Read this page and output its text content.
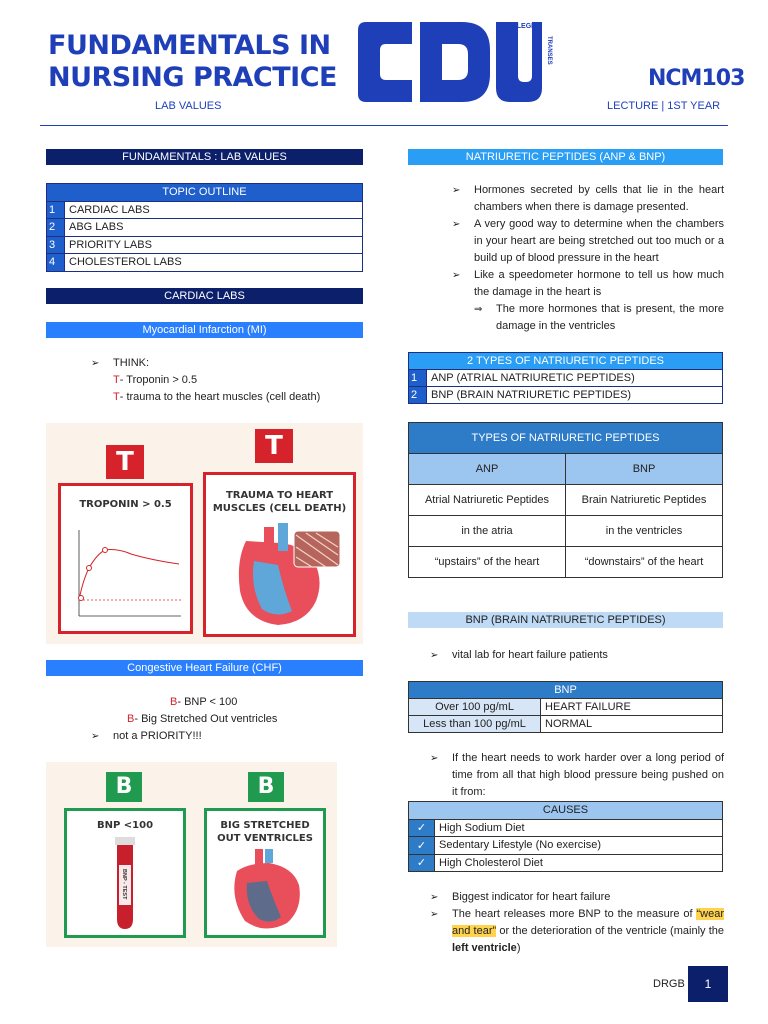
FUNDAMENTALS IN
NURSING PRACTICE
LAB VALUES
COLLEGE
TRANSES
NCM103
LECTURE | 1ST YEAR
FUNDAMENTALS : LAB VALUES
TOPIC OUTLINE	
1	CARDIAC LABS
2	ABG LABS
3	PRIORITY LABS
4	CHOLESTEROL LABS
CARDIAC LABS
Myocardial Infarction (MI)
➢	THINK:
T - Troponin > 0.5
T - trauma to the heart muscles (cell death)
T
T
TROPONIN > 0.5
TRAUMA TO HEART
MUSCLES (CELL DEATH)
Congestive Heart Failure (CHF)
B - BNP < 100
B - Big Stretched Out ventricles
➢	not a PRIORITY!!!
B	B
BNP <100
BNP - TEST
BIG STRETCHED
OUT VENTRICLES
NATRIURETIC PEPTIDES (ANP & BNP)
➢	Hormones secreted by cells that lie in the heart chambers when there is damage presented.
➢	A very good way to determine when the chambers in your heart are being stretched out too much or a build up of blood pressure in the heart
➢	Like a speedometer hormone to tell us how much the damage in the heart is
⇒	The more hormones that is present, the more damage in the ventricles
2 TYPES OF NATRIURETIC PEPTIDES	
1	ANP (ATRIAL NATRIURETIC PEPTIDES)
2	BNP (BRAIN NATRIURETIC PEPTIDES)
TYPES OF NATRIURETIC PEPTIDES	
ANP	BNP
Atrial Natriuretic Peptides	Brain Natriuretic Peptides
in the atria	in the ventricles
“upstairs” of the heart	“downstairs” of the heart
BNP (BRAIN NATRIURETIC PEPTIDES)
➢	vital lab for heart failure patients
BNP	
Over 100 pg/mL	HEART FAILURE
Less than 100 pg/mL	NORMAL
➢	If the heart needs to work harder over a long period of time from all that high blood pressure being pushed on it from:
CAUSES	
✓	High Sodium Diet
✓	Sedentary Lifestyle (No exercise)
✓	High Cholesterol Diet
➢	Biggest indicator for heart failure
➢	The heart releases more BNP to the measure of “wear and tear” or the deterioration of the ventricle (mainly the left ventricle)
DRGB	1
